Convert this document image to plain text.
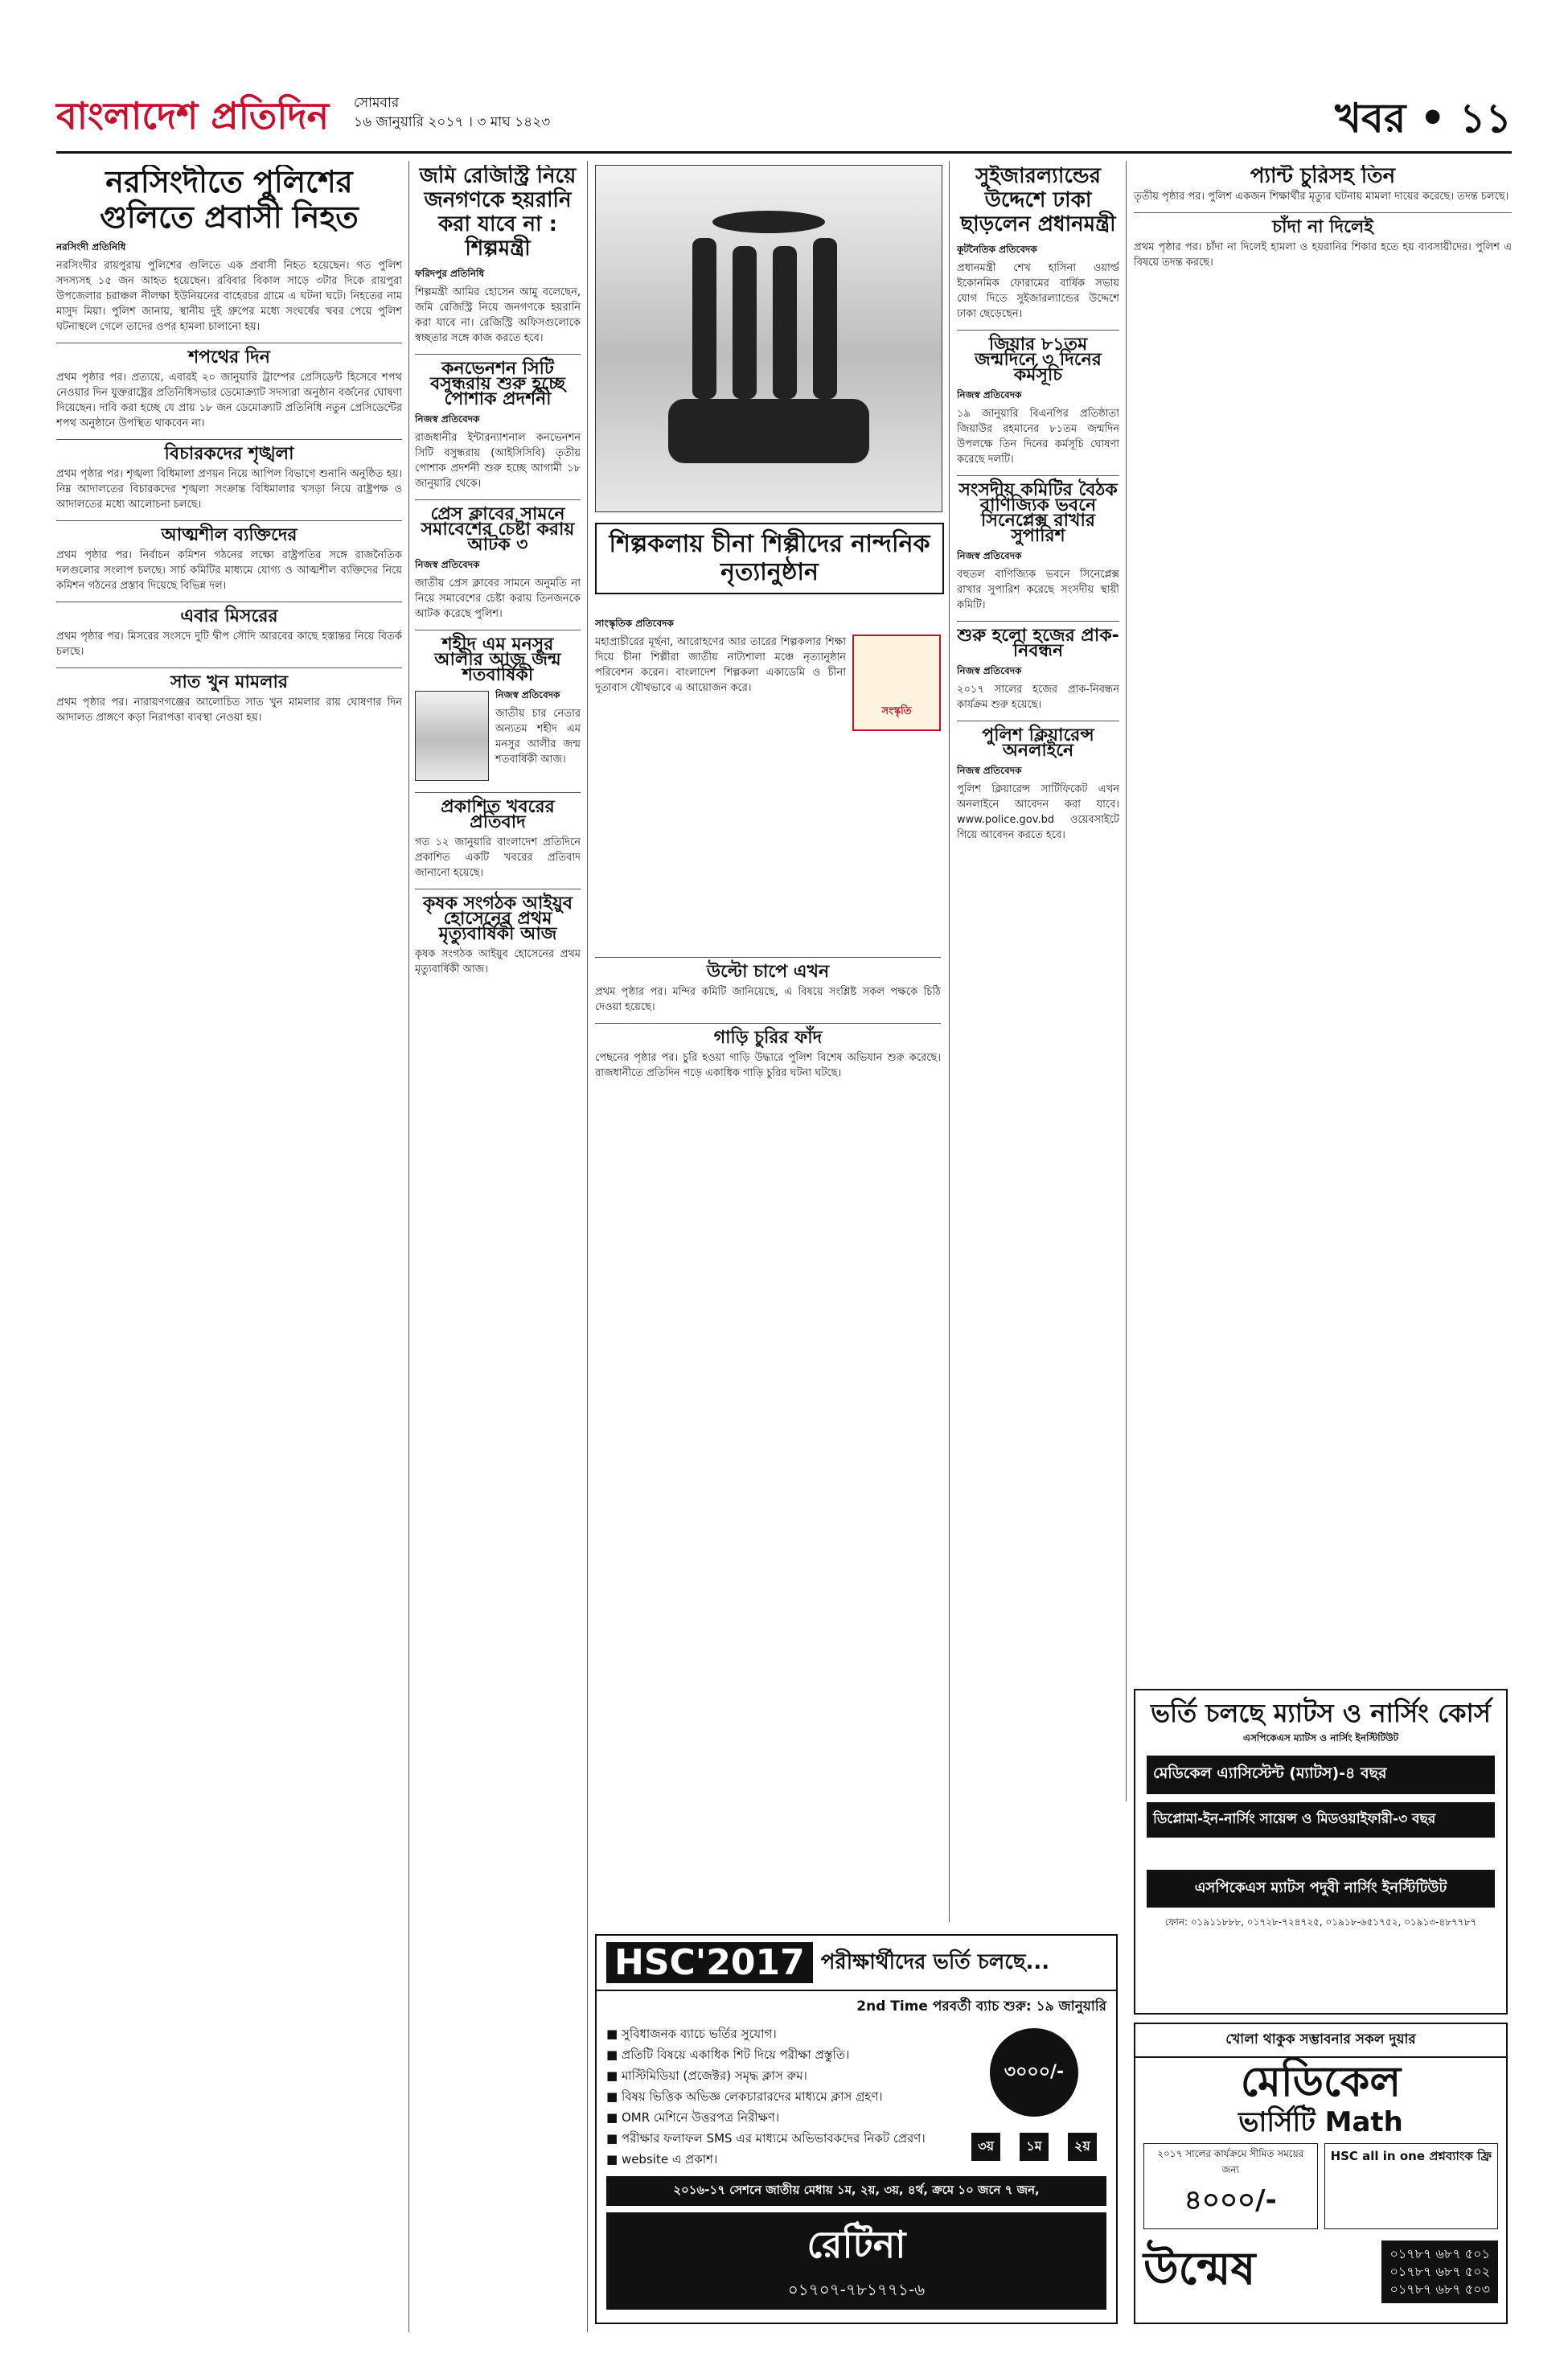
বাংলাদেশ প্রতিদিন সোমবার
১৬ জানুয়ারি ২০১৭ । ৩ মাঘ ১৪২৩	খবর • ১১
নরসিংদীতে পুলিশের গুলিতে প্রবাসী নিহত
নরসিংদী প্রতিনিধি
নরসিংদীর রায়পুরায় পুলিশের গুলিতে এক প্রবাসী নিহত হয়েছেন। গত পুলিশ সদস্যসহ ১৫ জন আহত হয়েছেন। রবিবার বিকাল সাড়ে ৩টার দিকে রায়পুরা উপজেলার চরাঞ্চল নীলক্ষা ইউনিয়নের বাহেরচর গ্রামে এ ঘটনা ঘটে। নিহতের নাম মাসুদ মিয়া। পুলিশ জানায়, স্থানীয় দুই গ্রুপের মধ্যে সংঘর্ষের খবর পেয়ে পুলিশ ঘটনাস্থলে গেলে তাদের ওপর হামলা চালানো হয়।
শপথের দিন
প্রথম পৃষ্ঠার পর। প্রত্যয়ে, এবারই ২০ জানুয়ারি ট্রাম্পের প্রেসিডেন্ট হিসেবে শপথ নেওয়ার দিন যুক্তরাষ্ট্রের প্রতিনিধিসভার ডেমোক্র্যাট সদস্যরা অনুষ্ঠান বর্জনের ঘোষণা দিয়েছেন। দাবি করা হচ্ছে যে প্রায় ১৮ জন ডেমোক্র্যাট প্রতিনিধি নতুন প্রেসিডেন্টের শপথ অনুষ্ঠানে উপস্থিত থাকবেন না।
বিচারকদের শৃঙ্খলা
প্রথম পৃষ্ঠার পর। শৃঙ্খলা বিধিমালা প্রণয়ন নিয়ে আপিল বিভাগে শুনানি অনুষ্ঠিত হয়। নিম্ন আদালতের বিচারকদের শৃঙ্খলা সংক্রান্ত বিধিমালার খসড়া নিয়ে রাষ্ট্রপক্ষ ও আদালতের মধ্যে আলোচনা চলছে।
আত্মশীল ব্যক্তিদের
প্রথম পৃষ্ঠার পর। নির্বাচন কমিশন গঠনের লক্ষ্যে রাষ্ট্রপতির সঙ্গে রাজনৈতিক দলগুলোর সংলাপ চলছে। সার্চ কমিটির মাধ্যমে যোগ্য ও আত্মশীল ব্যক্তিদের নিয়ে কমিশন গঠনের প্রস্তাব দিয়েছে বিভিন্ন দল।
এবার মিসরের
প্রথম পৃষ্ঠার পর। মিসরের সংসদে দুটি দ্বীপ সৌদি আরবের কাছে হস্তান্তর নিয়ে বিতর্ক চলছে।
সাত খুন মামলার
প্রথম পৃষ্ঠার পর। নারায়ণগঞ্জের আলোচিত সাত খুন মামলার রায় ঘোষণার দিন আদালত প্রাঙ্গণে কড়া নিরাপত্তা ব্যবস্থা নেওয়া হয়।
জমি রেজিস্ট্রি নিয়ে জনগণকে হয়রানি করা যাবে না : শিল্পমন্ত্রী
ফরিদপুর প্রতিনিধি
শিল্পমন্ত্রী আমির হোসেন আমু বলেছেন, জমি রেজিস্ট্রি নিয়ে জনগণকে হয়রানি করা যাবে না। রেজিস্ট্রি অফিসগুলোকে স্বচ্ছতার সঙ্গে কাজ করতে হবে।
কনভেনশন সিটি বসুন্ধরায় শুরু হচ্ছে পোশাক প্রদর্শনী
নিজস্ব প্রতিবেদক
রাজধানীর ইন্টারন্যাশনাল কনভেনশন সিটি বসুন্ধরায় (আইসিসিবি) তৃতীয় পোশাক প্রদর্শনী শুরু হচ্ছে আগামী ১৮ জানুয়ারি থেকে।
প্রেস ক্লাবের সামনে সমাবেশের চেষ্টা করায় আটক ৩
নিজস্ব প্রতিবেদক
জাতীয় প্রেস ক্লাবের সামনে অনুমতি না নিয়ে সমাবেশের চেষ্টা করায় তিনজনকে আটক করেছে পুলিশ।
শহীদ এম মনসুর আলীর আজ জন্ম শতবার্ষিকী
নিজস্ব প্রতিবেদক
জাতীয় চার নেতার অন্যতম শহীদ এম মনসুর আলীর জন্ম শতবার্ষিকী আজ।
প্রকাশিত খবরের প্রতিবাদ
গত ১২ জানুয়ারি বাংলাদেশ প্রতিদিনে প্রকাশিত একটি খবরের প্রতিবাদ জানানো হয়েছে।
কৃষক সংগঠক আইয়ুব হোসেনের প্রথম মৃত্যুবার্ষিকী আজ
কৃষক সংগঠক আইয়ুব হোসেনের প্রথম মৃত্যুবার্ষিকী আজ।
শিল্পকলায় চীনা শিল্পীদের নান্দনিক নৃত্যানুষ্ঠান
সাংস্কৃতিক প্রতিবেদক
সংস্কৃতি
মহাপ্রাচীরের মূর্ছনা, আরোহণের আর তারের শিল্পকলার শিক্ষা দিয়ে চীনা শিল্পীরা জাতীয় নাট্যশালা মঞ্চে নৃত্যানুষ্ঠান পরিবেশন করেন। বাংলাদেশ শিল্পকলা একাডেমি ও চীনা দূতাবাস যৌথভাবে এ আয়োজন করে।
উল্টো চাপে এখন
প্রথম পৃষ্ঠার পর। মন্দির কমিটি জানিয়েছে, এ বিষয়ে সংশ্লিষ্ট সকল পক্ষকে চিঠি দেওয়া হয়েছে।
গাড়ি চুরির ফাঁদ
পেছনের পৃষ্ঠার পর। চুরি হওয়া গাড়ি উদ্ধারে পুলিশ বিশেষ অভিযান শুরু করেছে। রাজধানীতে প্রতিদিন গড়ে একাধিক গাড়ি চুরির ঘটনা ঘটছে।
সুইজারল্যান্ডের উদ্দেশে ঢাকা ছাড়লেন প্রধানমন্ত্রী
কূটনৈতিক প্রতিবেদক
প্রধানমন্ত্রী শেখ হাসিনা ওয়ার্ল্ড ইকোনমিক ফোরামের বার্ষিক সভায় যোগ দিতে সুইজারল্যান্ডের উদ্দেশে ঢাকা ছেড়েছেন।
জিয়ার ৮১তম জন্মদিনে ৩ দিনের কর্মসূচি
নিজস্ব প্রতিবেদক
১৯ জানুয়ারি বিএনপির প্রতিষ্ঠাতা জিয়াউর রহমানের ৮১তম জন্মদিন উপলক্ষে তিন দিনের কর্মসূচি ঘোষণা করেছে দলটি।
সংসদীয় কমিটির বৈঠক বাণিজ্যিক ভবনে সিনেপ্লেক্স রাখার সুপারিশ
নিজস্ব প্রতিবেদক
বহুতল বাণিজ্যিক ভবনে সিনেপ্লেক্স রাখার সুপারিশ করেছে সংসদীয় স্থায়ী কমিটি।
শুরু হলো হজের প্রাক-নিবন্ধন
নিজস্ব প্রতিবেদক
২০১৭ সালের হজের প্রাক-নিবন্ধন কার্যক্রম শুরু হয়েছে।
পুলিশ ক্লিয়ারেন্স অনলাইনে
নিজস্ব প্রতিবেদক
পুলিশ ক্লিয়ারেন্স সার্টিফিকেট এখন অনলাইনে আবেদন করা যাবে। www.police.gov.bd ওয়েবসাইটে গিয়ে আবেদন করতে হবে।
প্যান্ট চুরিসহ তিন
তৃতীয় পৃষ্ঠার পর। পুলিশ একজন শিক্ষার্থীর মৃত্যুর ঘটনায় মামলা দায়ের করেছে। তদন্ত চলছে।
চাঁদা না দিলেই
প্রথম পৃষ্ঠার পর। চাঁদা না দিলেই হামলা ও হয়রানির শিকার হতে হয় ব্যবসায়ীদের। পুলিশ এ বিষয়ে তদন্ত করছে।
ভর্তি চলছে ম্যাটস ও নার্সিং কোর্স
এসপিকেএস ম্যাটস ও নার্সিং ইনস্টিটিউট
মেডিকেল এ্যাসিস্টেন্ট (ম্যাটস)-৪ বছর
ডিপ্লোমা-ইন-নার্সিং সায়েন্স ও মিডওয়াইফারী-৩ বছর
এসপিকেএস ম্যাটস পদুবী নার্সিং ইনস্টিটিউট
ফোন: ০১৯১১৮৮৮, ০১৭২৮-৭২৪৭২৫, ০১৯১৮-৬৫১৭৫২, ০১৯১৩-৪৮৭৭৮৭
HSC'2017 পরীক্ষার্থীদের ভর্তি চলছে...
2nd Time পরবর্তী ব্যাচ শুরু: ১৯ জানুয়ারি
■ সুবিধাজনক ব্যাচে ভর্তির সুযোগ।
■ প্রতিটি বিষয়ে একাধিক শিট দিয়ে পরীক্ষা প্রস্তুতি।
■ মাস্টিমিডিয়া (প্রজেক্টর) সমৃদ্ধ ক্লাস রুম।
■ বিষয় ভিত্তিক অভিজ্ঞ লেকচারারদের মাধ্যমে ক্লাস গ্রহণ।
■ OMR মেশিনে উত্তরপত্র নিরীক্ষণ।
■ পরীক্ষার ফলাফল SMS এর মাধ্যমে অভিভাবকদের নিকট প্রেরণ।
■ website এ প্রকাশ।
৩০০০/-
৩য়	১ম	২য়
২০১৬-১৭ সেশনে জাতীয় মেধায় ১ম, ২য়, ৩য়, ৪র্থ, ক্রমে ১০ জনে ৭ জন,
রেটিনা
০১৭০৭-৭৮১৭৭১-৬
খোলা থাকুক সম্ভাবনার সকল দুয়ার
মেডিকেল
ভার্সিটি Math
২০১৭ সালের কার্যক্রমে সীমিত সময়ের জন্য
৪০০০/-
HSC all in one প্রশ্নব্যাংক ফ্রি
উন্মেষ	০১৭৮৭ ৬৮৭ ৫০১
০১৭৮৭ ৬৮৭ ৫০২
০১৭৮৭ ৬৮৭ ৫০৩
